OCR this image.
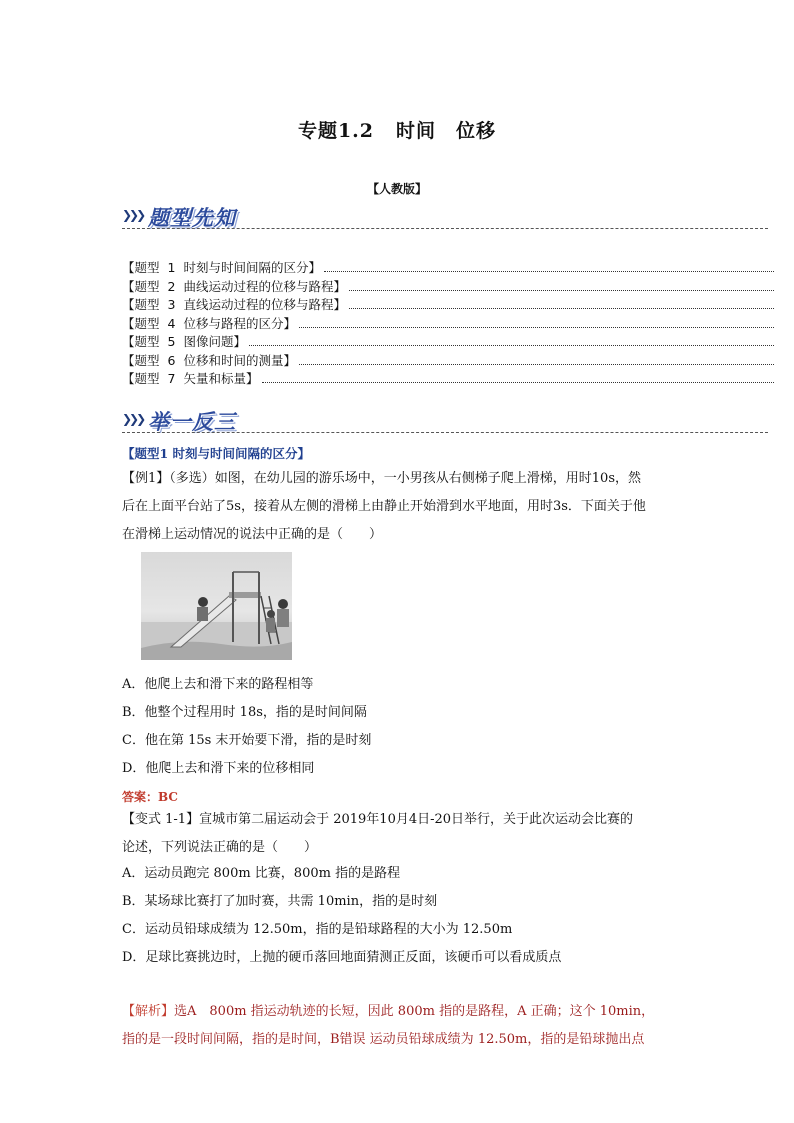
专题1.2 时间　位移
【人教版】
❯❯❯ 题型先知
【题型 1 时刻与时间间隔的区分】
【题型 2 曲线运动过程的位移与路程】
【题型 3 直线运动过程的位移与路程】
【题型 4 位移与路程的区分】
【题型 5 图像问题】
【题型 6 位移和时间的测量】
【题型 7 矢量和标量】
❯❯❯ 举一反三
【题型1 时刻与时间间隔的区分】
【例1】（多选）如图，在幼儿园的游乐场中，一小男孩从右侧梯子爬上滑梯，用时10s，然
后在上面平台站了5s，接着从左侧的滑梯上由静止开始滑到水平地面，用时3s．下面关于他
在滑梯上运动情况的说法中正确的是（　　）
A．他爬上去和滑下来的路程相等
B．他整个过程用时 18s，指的是时间间隔
C．他在第 15s 末开始要下滑，指的是时刻
D．他爬上去和滑下来的位移相同
答案：BC
【变式 1-1】宣城市第二届运动会于 2019年10月4日-20日举行，关于此次运动会比赛的
论述，下列说法正确的是（　　）
A．运动员跑完 800m 比赛，800m 指的是路程
B．某场球比赛打了加时赛，共需 10min，指的是时刻
C．运动员铅球成绩为 12.50m，指的是铅球路程的大小为 12.50m
D．足球比赛挑边时，上抛的硬币落回地面猜测正反面，该硬币可以看成质点
【解析】选A　800m 指运动轨迹的长短，因此 800m 指的是路程，A 正确；这个 10min，
指的是一段时间间隔，指的是时间，B错误 运动员铅球成绩为 12.50m，指的是铅球抛出点
